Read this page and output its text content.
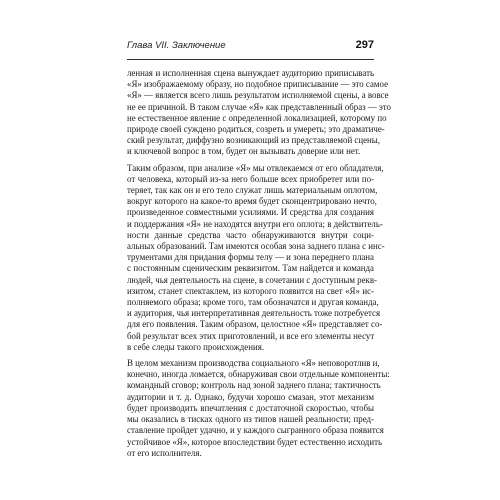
Глава VII. Заключение	297
ленная и исполненная сцена вынуждает аудиторию приписывать
«Я» изображаемому образу, но подобное приписывание — это самое
«Я» — является всего лишь результатом исполняемой сцены, а вовсе
не ее причиной. В таком случае «Я» как представленный образ — это
не естественное явление с определенной локализацией, которому по
природе своей суждено родиться, созреть и умереть; это драматиче-
ский результат, диффузно возникающий из представляемой сцены,
и ключевой вопрос в том, будет он вызывать доверие или нет.
Таким образом, при анализе «Я» мы отвлекаемся от его обладателя,
от человека, который из-за него больше всех приобретет или по-
теряет, так как он и его тело служат лишь материальным оплотом,
вокруг которого на какое-то время будет сконцентрировано нечто,
произведенное совместными усилиями. И средства для создания
и поддержания «Я» не находятся внутри его оплота; в действитель-
ности данные средства часто обнаруживаются внутри соци-
альных образований. Там имеются особая зона заднего плана с инс-
трументами для придания формы телу — и зона переднего плана
с постоянным сценическим реквизитом. Там найдется и команда
людей, чья деятельность на сцене, в сочетании с доступным рекв-
изитом, станет спектаклем, из которого появится на свет «Я» ис-
полняемого образа; кроме того, там обозначатся и другая команда,
и аудитория, чья интерпретативная деятельность тоже потребуется
для его появления. Таким образом, целостное «Я» представляет со-
бой результат всех этих приготовлений, и все его элементы несут
в себе следы такого происхождения.
В целом механизм производства социального «Я» неповоротлив и,
конечно, иногда ломается, обнаруживая свои отдельные компоненты:
командный сговор; контроль над зоной заднего плана; тактичность
аудитории и т. д. Однако, будучи хорошо смазан, этот механизм
будет производить впечатления с достаточной скоростью, чтобы
мы оказались в тисках одного из типов нашей реальности; пред-
ставление пройдет удачно, и у каждого сыгранного образа появится
устойчивое «Я», которое впоследствии будет естественно исходить
от его исполнителя.
